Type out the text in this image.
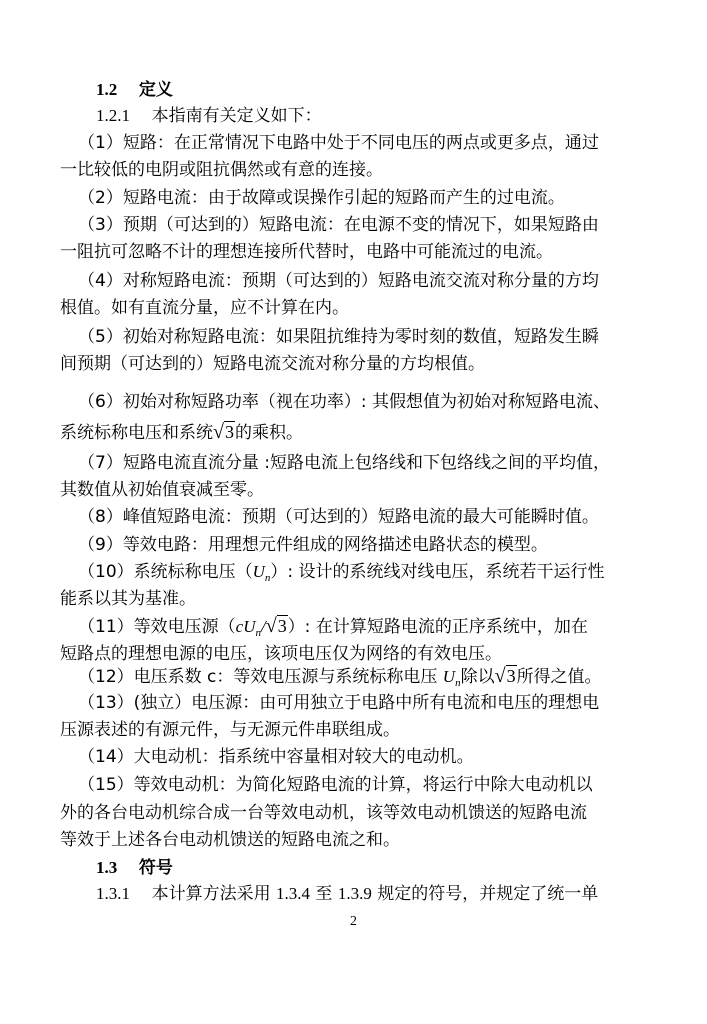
1.2 定义
1.2.1 本指南有关定义如下：
（1）短路：在正常情况下电路中处于不同电压的两点或更多点，通过
一比较低的电阴或阻抗偶然或有意的连接。
（2）短路电流：由于故障或误操作引起的短路而产生的过电流。
（3）预期（可达到的）短路电流：在电源不变的情况下，如果短路由
一阻抗可忽略不计的理想连接所代替时，电路中可能流过的电流。
（4）对称短路电流：预期（可达到的）短路电流交流对称分量的方均
根值。如有直流分量，应不计算在内。
（5）初始对称短路电流：如果阻抗维持为零时刻的数值，短路发生瞬
间预期（可达到的）短路电流交流对称分量的方均根值。
（6）初始对称短路功率（视在功率）: 其假想值为初始对称短路电流、
系统标称电压和系统√3的乘积。
（7）短路电流直流分量 :短路电流上包络线和下包络线之间的平均值，
其数值从初始值衰减至零。
（8）峰值短路电流：预期（可达到的）短路电流的最大可能瞬时值。
（9）等效电路：用理想元件组成的网络描述电路状态的模型。
（10）系统标称电压$(U_n)$: 设计的系统线对线电压，系统若干运行性
能系以其为基准。
（11）等效电压源$(cU_n/√3)$: 在计算短路电流的正序系统中，加在
短路点的理想电源的电压，该项电压仅为网络的有效电压。
（12）电压系数 c：等效电压源与系统标称电压 $U_n$除以√3所得之值。
（13）(独立）电压源：由可用独立于电路中所有电流和电压的理想电
压源表述的有源元件，与无源元件串联组成。
（14）大电动机：指系统中容量相对较大的电动机。
（15）等效电动机：为简化短路电流的计算，将运行中除大电动机以
外的各台电动机综合成一台等效电动机，该等效电动机馈送的短路电流
等效于上述各台电动机馈送的短路电流之和。
1.3 符号
1.3.1 本计算方法采用 1.3.4 至 1.3.9 规定的符号，并规定了统一单
2
